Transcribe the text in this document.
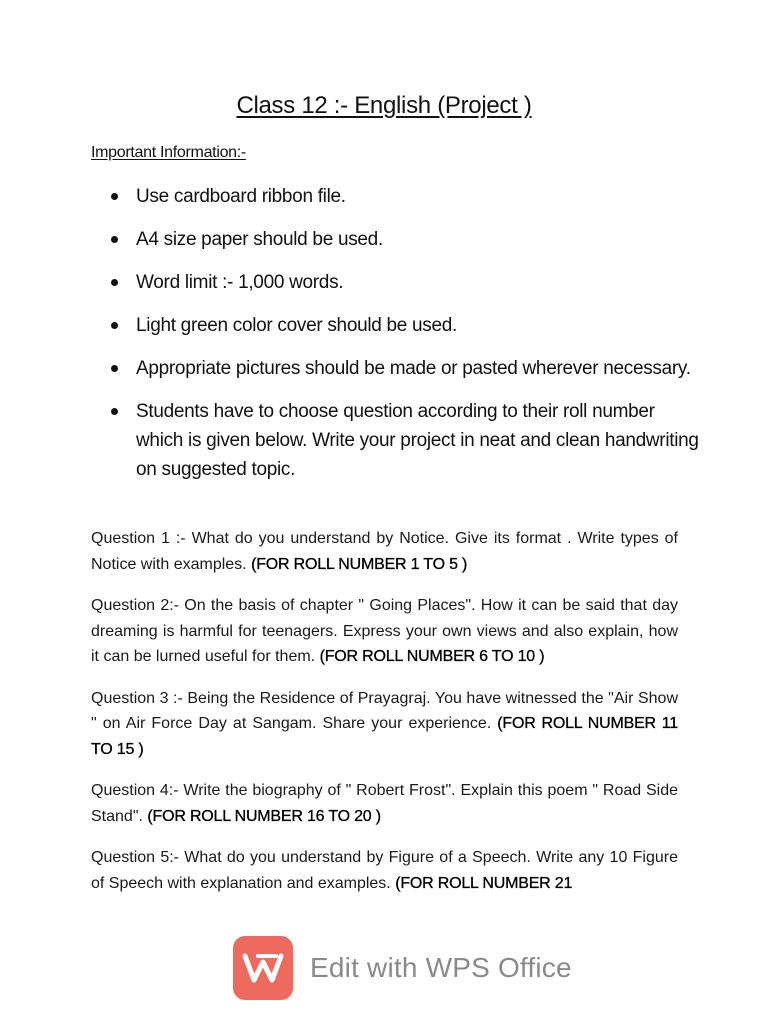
Class 12 :- English (Project )
Important Information:-
Use cardboard ribbon file.
A4 size paper should be used.
Word limit :- 1,000 words.
Light green color cover should be used.
Appropriate pictures should be made or pasted wherever necessary.
Students have to choose question according to their roll number which is given below. Write your project in neat and clean handwriting on suggested topic.

Question 1 :- What do you understand by Notice. Give its format . Write types of Notice with examples. (FOR ROLL NUMBER 1 TO 5 )

Question 2:- On the basis of chapter " Going Places". How it can be said that day dreaming is harmful for teenagers. Express your own views and also explain, how it can be lurned useful for them. (FOR ROLL NUMBER 6 TO 10 )

Question 3 :- Being the Residence of Prayagraj. You have witnessed the "Air Show " on Air Force Day at Sangam. Share your experience. (FOR ROLL NUMBER 11 TO 15 )

Question 4:- Write the biography of " Robert Frost". Explain this poem " Road Side Stand". (FOR ROLL NUMBER 16 TO 20 )

Question 5:- What do you understand by Figure of a Speech. Write any 10 Figure of Speech with explanation and examples. (FOR ROLL NUMBER 21

Edit with WPS Office
